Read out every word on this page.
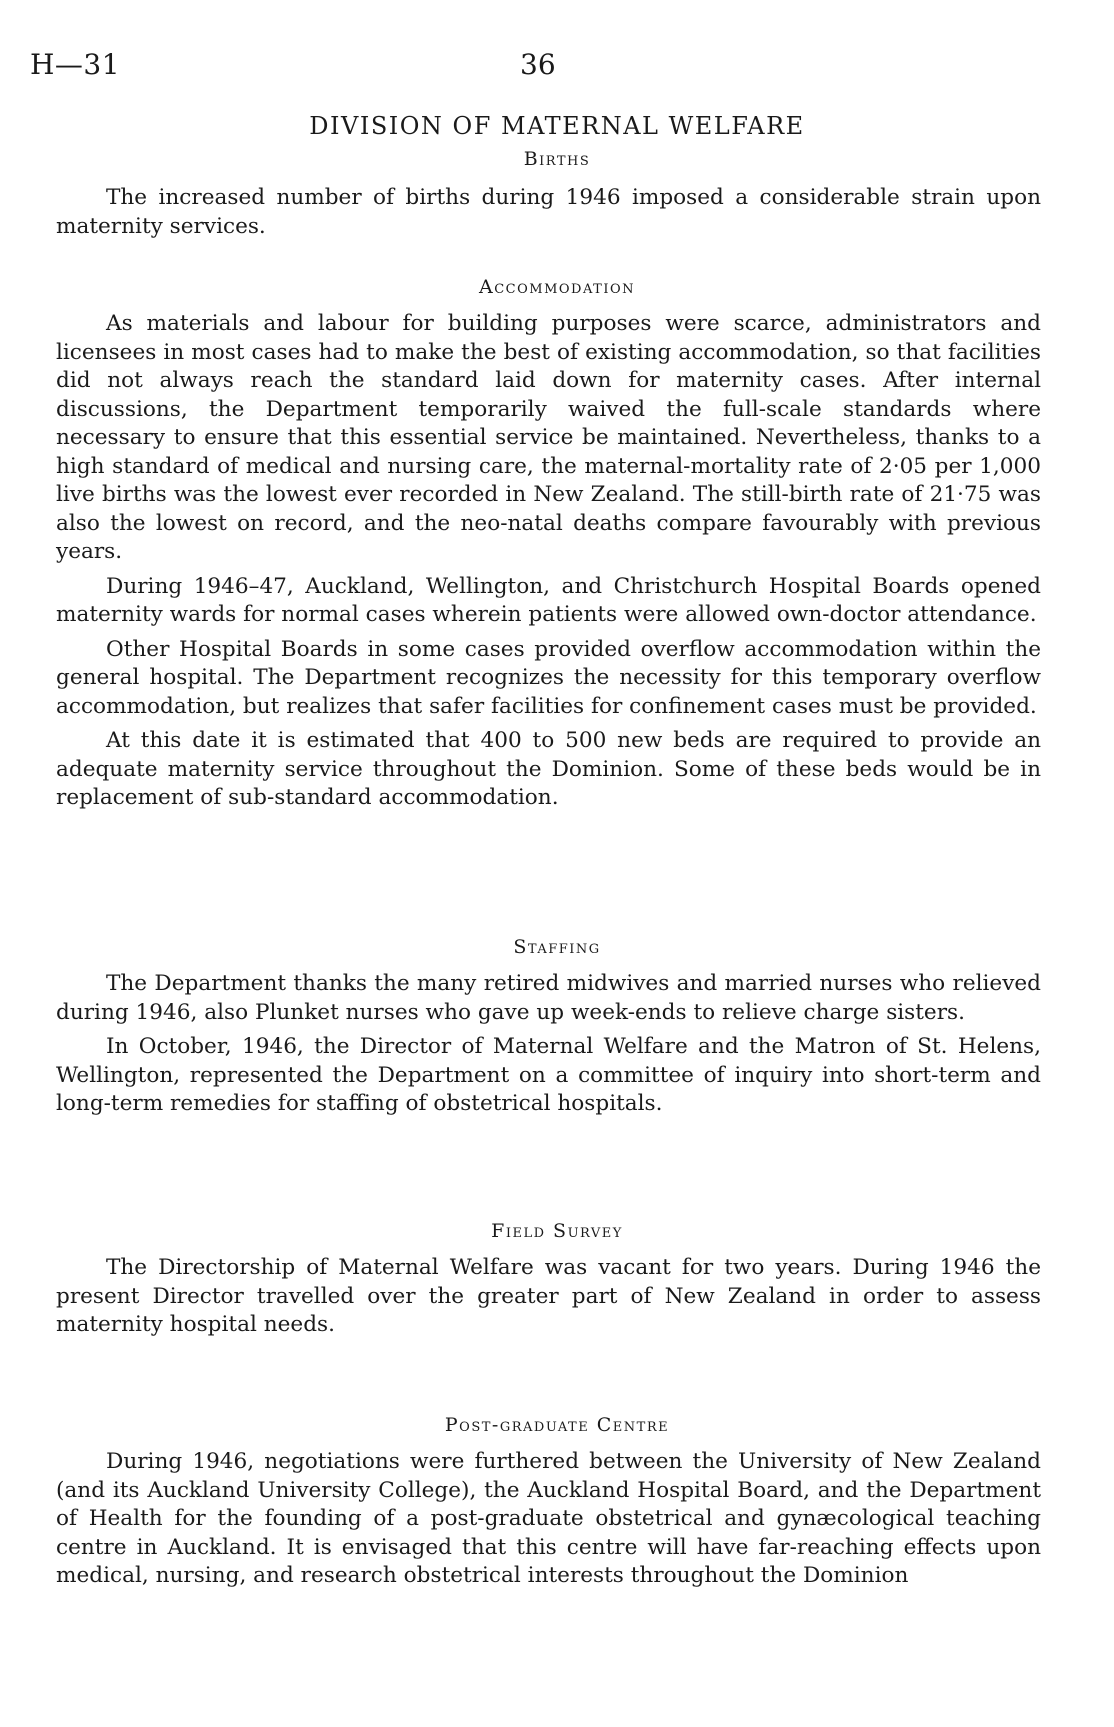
H—31	36
DIVISION OF MATERNAL WELFARE
Births

The increased number of births during 1946 imposed a considerable strain upon maternity services.

Accommodation

As materials and labour for building purposes were scarce, administrators and licensees in most cases had to make the best of existing accommodation, so that facilities did not always reach the standard laid down for maternity cases. After internal discussions, the Department temporarily waived the full-scale standards where necessary to ensure that this essential service be maintained. Nevertheless, thanks to a high standard of medical and nursing care, the maternal-mortality rate of 2·05 per 1,000 live births was the lowest ever recorded in New Zealand. The still-birth rate of 21·75 was also the lowest on record, and the neo-natal deaths compare favourably with previous years.

During 1946–47, Auckland, Wellington, and Christchurch Hospital Boards opened maternity wards for normal cases wherein patients were allowed own-doctor attendance.

Other Hospital Boards in some cases provided overflow accommodation within the general hospital. The Department recognizes the necessity for this temporary overflow accommodation, but realizes that safer facilities for confinement cases must be provided.

At this date it is estimated that 400 to 500 new beds are required to provide an adequate maternity service throughout the Dominion. Some of these beds would be in replacement of sub-standard accommodation.

Staffing

The Department thanks the many retired midwives and married nurses who relieved during 1946, also Plunket nurses who gave up week-ends to relieve charge sisters.

In October, 1946, the Director of Maternal Welfare and the Matron of St. Helens, Wellington, represented the Department on a committee of inquiry into short-term and long-term remedies for staffing of obstetrical hospitals.

Field Survey

The Directorship of Maternal Welfare was vacant for two years. During 1946 the present Director travelled over the greater part of New Zealand in order to assess maternity hospital needs.

Post-graduate Centre

During 1946, negotiations were furthered between the University of New Zealand (and its Auckland University College), the Auckland Hospital Board, and the Department of Health for the founding of a post-graduate obstetrical and gynæcological teaching centre in Auckland. It is envisaged that this centre will have far-reaching effects upon medical, nursing, and research obstetrical interests throughout the Dominion
